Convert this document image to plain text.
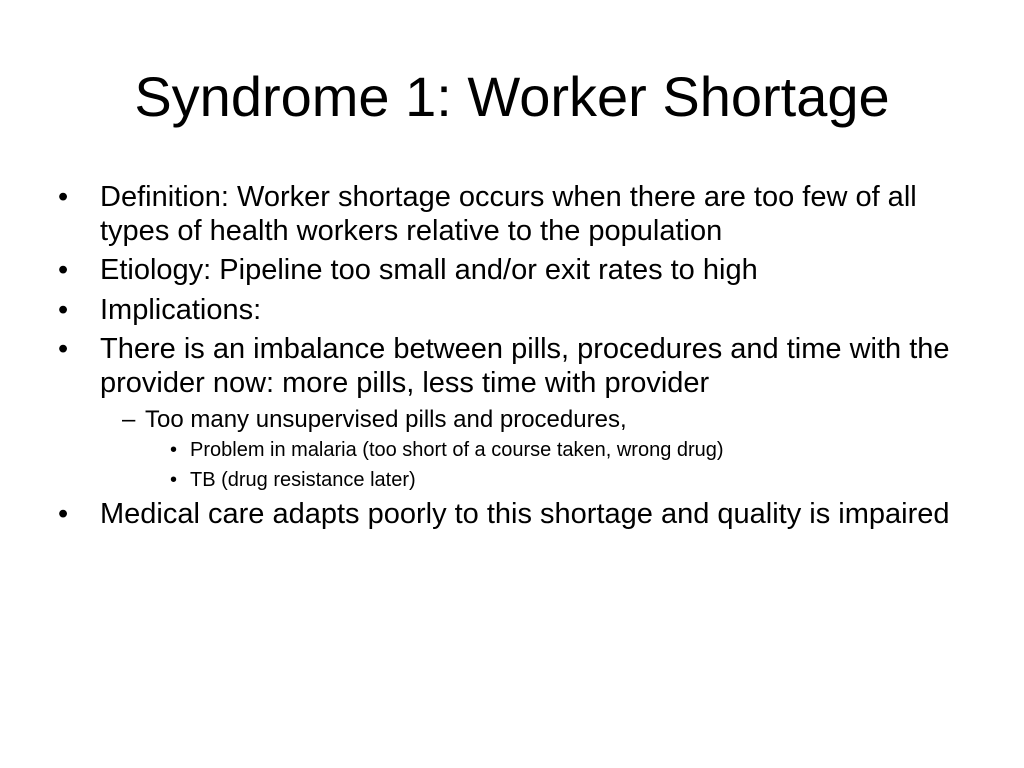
Syndrome 1: Worker Shortage
• Definition: Worker shortage occurs when there are too few of all types of health workers relative to the population
• Etiology: Pipeline too small and/or exit rates to high
• Implications:
• There is an imbalance between pills, procedures and time with the provider now: more pills, less time with provider
– Too many unsupervised pills and procedures,
• Problem in malaria (too short of a course taken, wrong drug)
• TB (drug resistance later)
• Medical care adapts poorly to this shortage and quality is impaired
